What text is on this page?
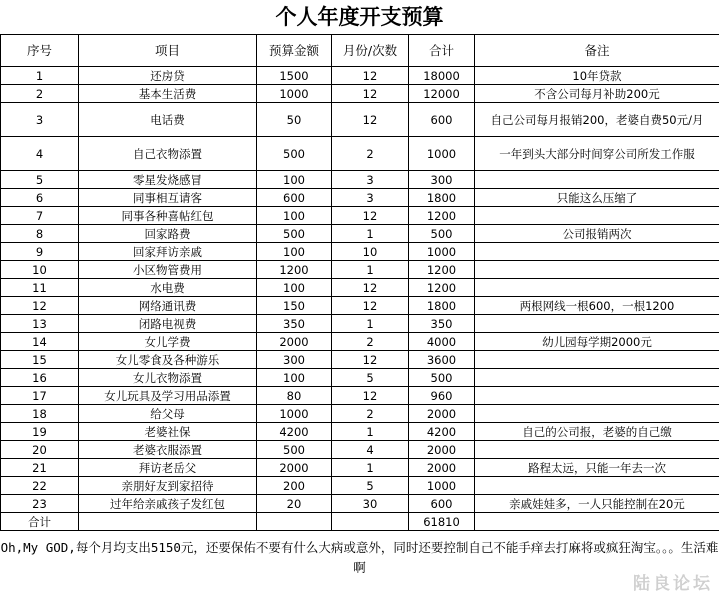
个人年度开支预算
序号	项目	预算金额	月份/次数	合计	备注
1	还房贷	1500	12	18000	10年贷款
2	基本生活费	1000	12	12000	不含公司每月补助200元
3	电话费	50	12	600	自己公司每月报销200，老婆自费50元/月
4	自己衣物添置	500	2	1000	一年到头大部分时间穿公司所发工作服
5	零星发烧感冒	100	3	300	
6	同事相互请客	600	3	1800	只能这么压缩了
7	同事各种喜帖红包	100	12	1200	
8	回家路费	500	1	500	公司报销两次
9	回家拜访亲戚	100	10	1000	
10	小区物管费用	1200	1	1200	
11	水电费	100	12	1200	
12	网络通讯费	150	12	1800	两根网线一根600，一根1200
13	闭路电视费	350	1	350	
14	女儿学费	2000	2	4000	幼儿园每学期2000元
15	女儿零食及各种游乐	300	12	3600	
16	女儿衣物添置	100	5	500	
17	女儿玩具及学习用品添置	80	12	960	
18	给父母	1000	2	2000	
19	老婆社保	4200	1	4200	自己的公司报，老婆的自己缴
20	老婆衣服添置	500	4	2000	
21	拜访老岳父	2000	1	2000	路程太远，只能一年去一次
22	亲朋好友到家招待	200	5	1000	
23	过年给亲戚孩子发红包	20	30	600	亲戚娃娃多，一人只能控制在20元
合计				61810	
Oh,My GOD,每个月均支出5150元，还要保佑不要有什么大病或意外，同时还要控制自己不能手痒去打麻将或疯狂淘宝。。。生活难啊
陆良论坛
